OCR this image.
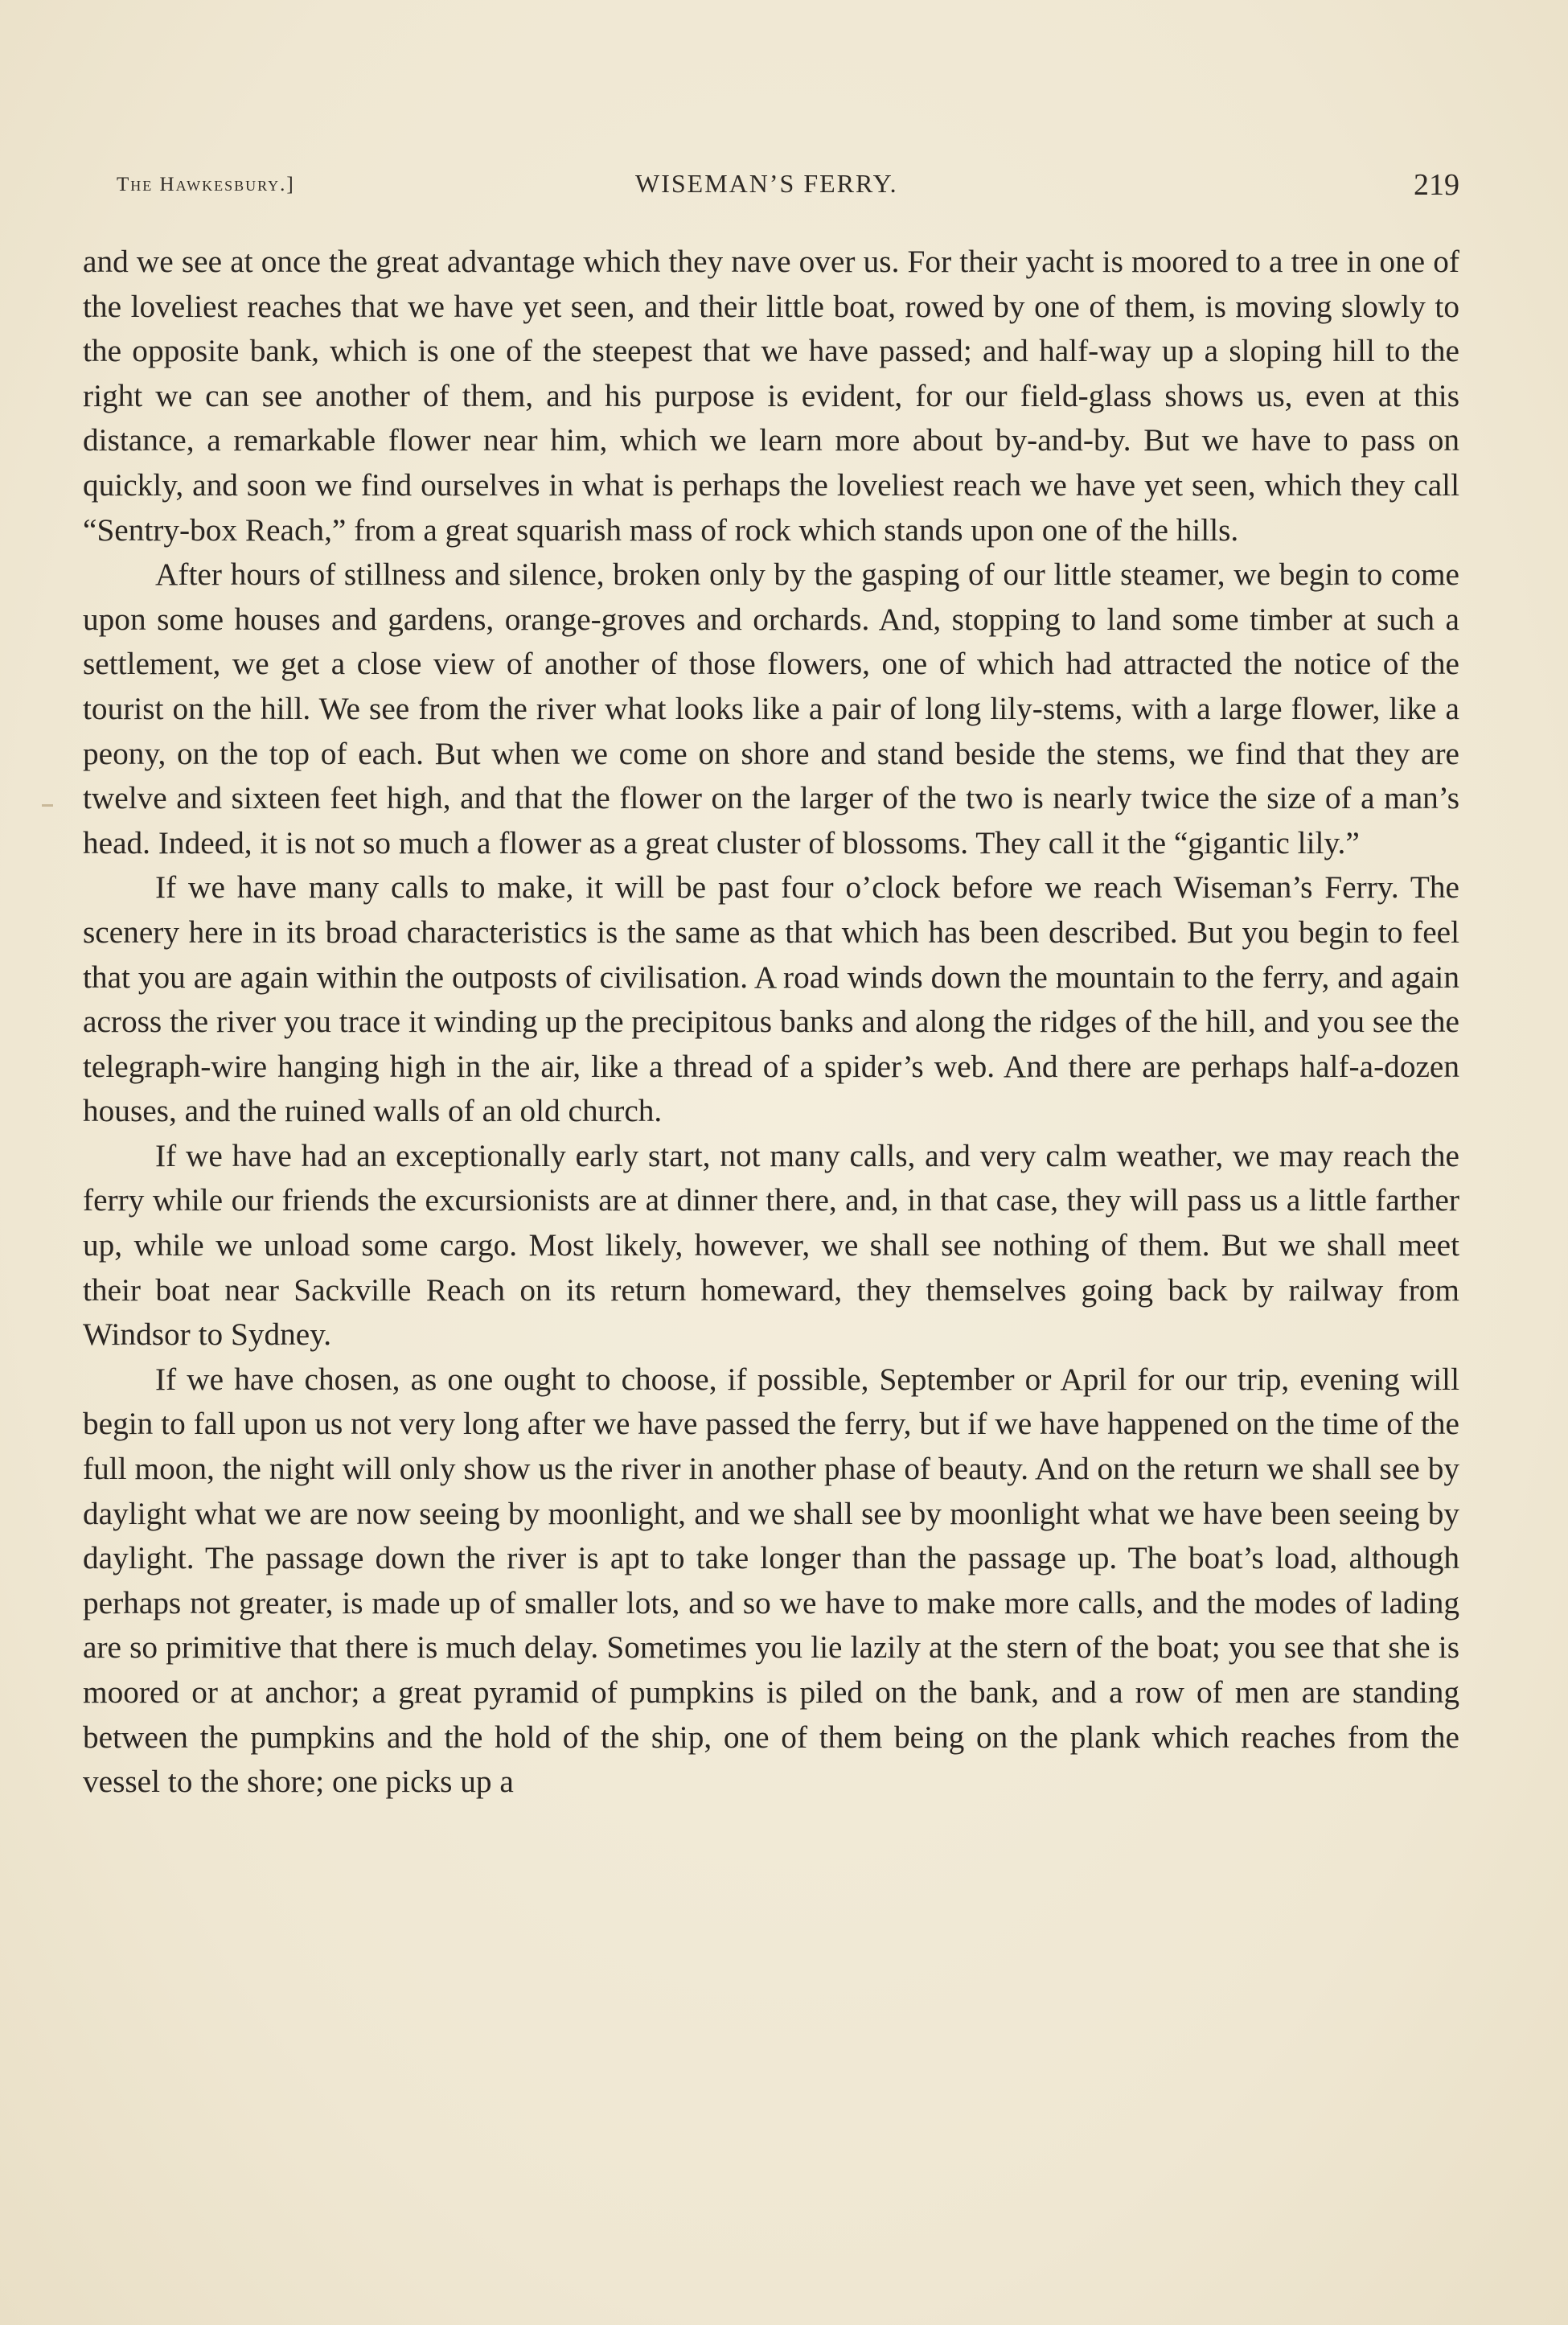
The Hawkesbury.]	WISEMAN’S FERRY.	219

and we see at once the great advantage which they nave over us. For their yacht is moored to a tree in one of the loveliest reaches that we have yet seen, and their little boat, rowed by one of them, is moving slowly to the opposite bank, which is one of the steepest that we have passed; and half-way up a sloping hill to the right we can see another of them, and his purpose is evident, for our field-glass shows us, even at this distance, a remarkable flower near him, which we learn more about by-and-by. But we have to pass on quickly, and soon we find ourselves in what is perhaps the loveliest reach we have yet seen, which they call “Sentry-box Reach,” from a great squarish mass of rock which stands upon one of the hills.

After hours of stillness and silence, broken only by the gasping of our little steamer, we begin to come upon some houses and gardens, orange-groves and orchards. And, stopping to land some timber at such a settlement, we get a close view of another of those flowers, one of which had attracted the notice of the tourist on the hill. We see from the river what looks like a pair of long lily-stems, with a large flower, like a peony, on the top of each. But when we come on shore and stand beside the stems, we find that they are twelve and sixteen feet high, and that the flower on the larger of the two is nearly twice the size of a man’s head. Indeed, it is not so much a flower as a great cluster of blossoms. They call it the “gigantic lily.”

If we have many calls to make, it will be past four o’clock before we reach Wiseman’s Ferry. The scenery here in its broad characteristics is the same as that which has been described. But you begin to feel that you are again within the outposts of civilisation. A road winds down the mountain to the ferry, and again across the river you trace it winding up the precipitous banks and along the ridges of the hill, and you see the telegraph-wire hanging high in the air, like a thread of a spider’s web. And there are perhaps half-a-dozen houses, and the ruined walls of an old church.

If we have had an exceptionally early start, not many calls, and very calm weather, we may reach the ferry while our friends the excursionists are at dinner there, and, in that case, they will pass us a little farther up, while we unload some cargo. Most likely, however, we shall see nothing of them. But we shall meet their boat near Sackville Reach on its return homeward, they themselves going back by railway from Windsor to Sydney.

If we have chosen, as one ought to choose, if possible, September or April for our trip, evening will begin to fall upon us not very long after we have passed the ferry, but if we have happened on the time of the full moon, the night will only show us the river in another phase of beauty. And on the return we shall see by daylight what we are now seeing by moonlight, and we shall see by moonlight what we have been seeing by daylight. The passage down the river is apt to take longer than the passage up. The boat’s load, although perhaps not greater, is made up of smaller lots, and so we have to make more calls, and the modes of lading are so primitive that there is much delay. Sometimes you lie lazily at the stern of the boat; you see that she is moored or at anchor; a great pyramid of pumpkins is piled on the bank, and a row of men are standing between the pumpkins and the hold of the ship, one of them being on the plank which reaches from the vessel to the shore; one picks up a
